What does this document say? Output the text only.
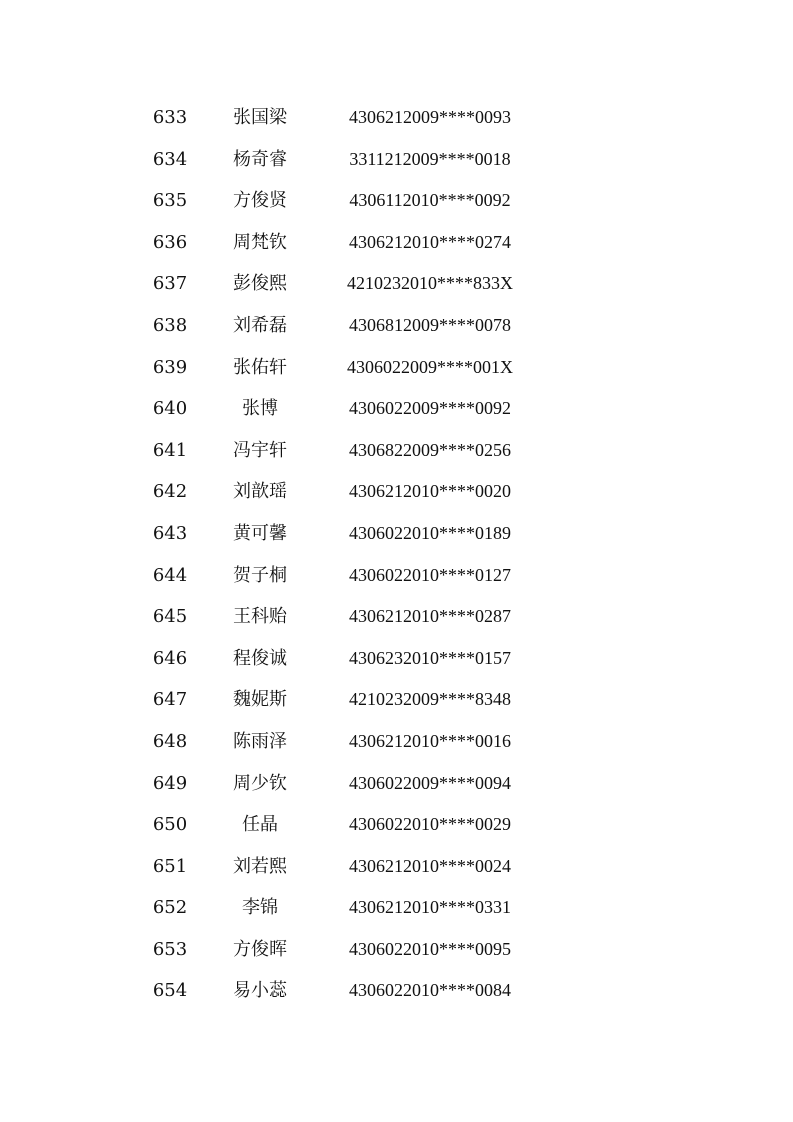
633	张国梁	4306212009****0093
634	杨奇睿	3311212009****0018
635	方俊贤	4306112010****0092
636	周梵钦	4306212010****0274
637	彭俊熙	4210232010****833X
638	刘希磊	4306812009****0078
639	张佑轩	4306022009****001X
640	张博	4306022009****0092
641	冯宇轩	4306822009****0256
642	刘歆瑶	4306212010****0020
643	黄可馨	4306022010****0189
644	贺子桐	4306022010****0127
645	王科贻	4306212010****0287
646	程俊诚	4306232010****0157
647	魏妮斯	4210232009****8348
648	陈雨泽	4306212010****0016
649	周少钦	4306022009****0094
650	任晶	4306022010****0029
651	刘若熙	4306212010****0024
652	李锦	4306212010****0331
653	方俊晖	4306022010****0095
654	易小蕊	4306022010****0084
